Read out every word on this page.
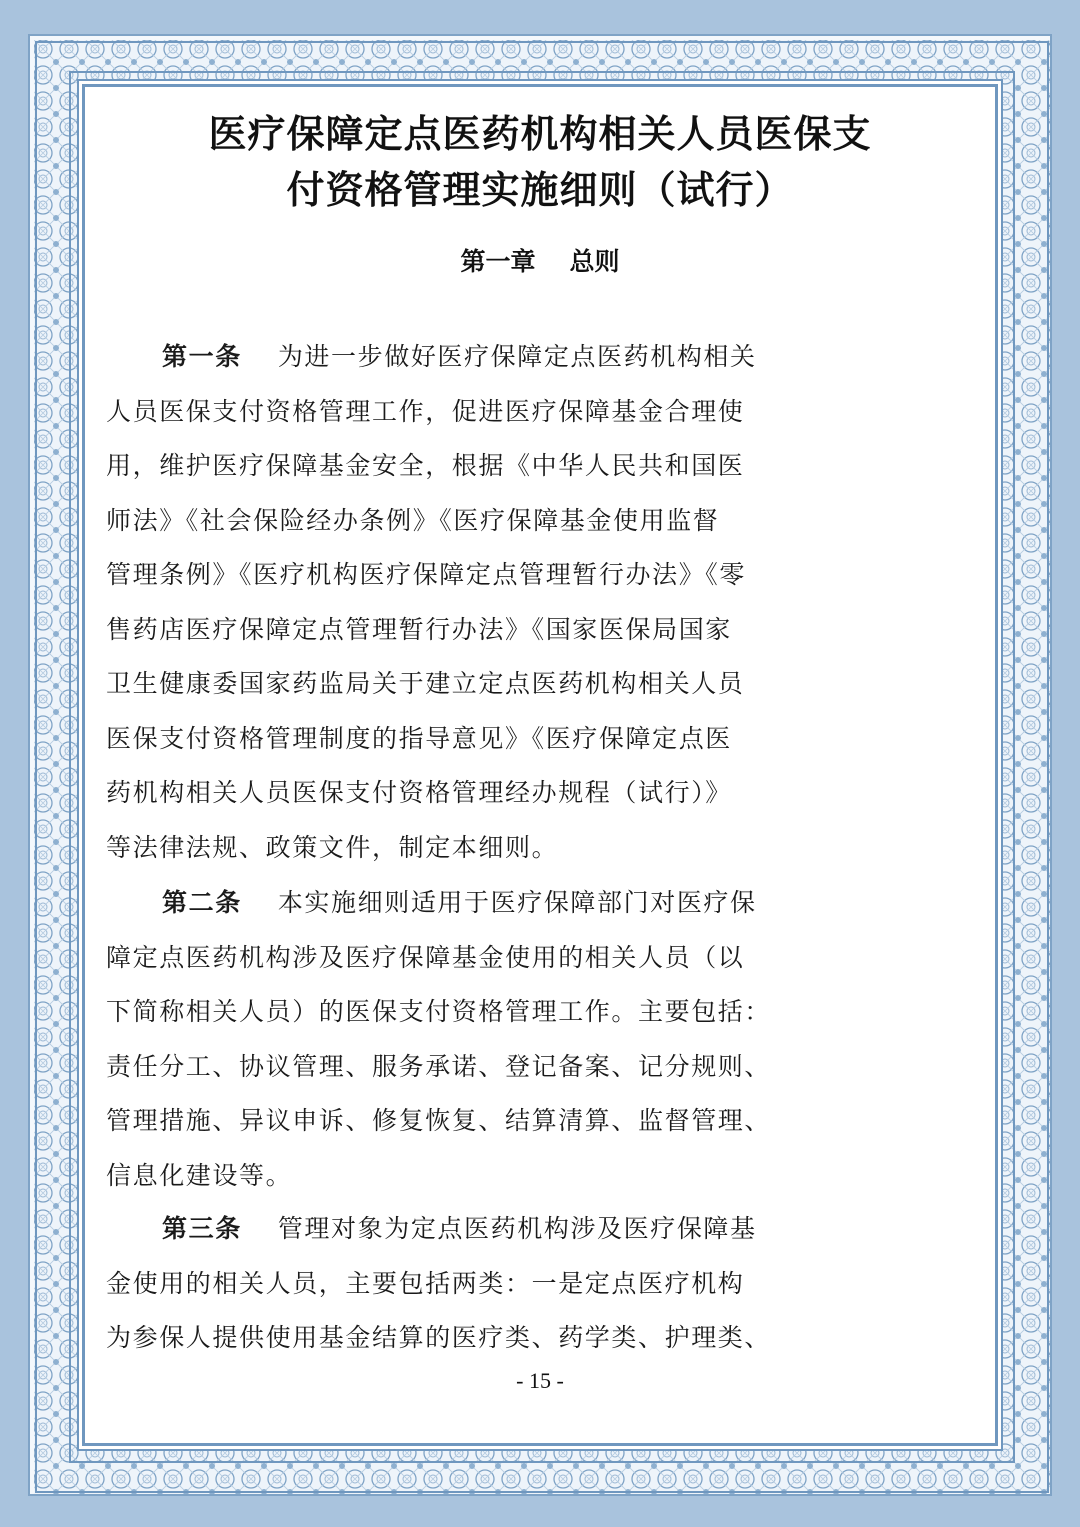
医疗保障定点医药机构相关人员医保支
付资格管理实施细则（试行）
第一章 总则
第一条 为进一步做好医疗保障定点医药机构相关
人员医保支付资格管理工作，促进医疗保障基金合理使
用，维护医疗保障基金安全，根据《中华人民共和国医
师法》《社会保险经办条例》《医疗保障基金使用监督
管理条例》《医疗机构医疗保障定点管理暂行办法》《零
售药店医疗保障定点管理暂行办法》《国家医保局国家
卫生健康委国家药监局关于建立定点医药机构相关人员
医保支付资格管理制度的指导意见》《医疗保障定点医
药机构相关人员医保支付资格管理经办规程（试行）》
等法律法规、政策文件，制定本细则。
第二条 本实施细则适用于医疗保障部门对医疗保
障定点医药机构涉及医疗保障基金使用的相关人员（以
下简称相关人员）的医保支付资格管理工作。主要包括：
责任分工、协议管理、服务承诺、登记备案、记分规则、
管理措施、异议申诉、修复恢复、结算清算、监督管理、
信息化建设等。
第三条 管理对象为定点医药机构涉及医疗保障基
金使用的相关人员，主要包括两类：一是定点医疗机构
为参保人提供使用基金结算的医疗类、药学类、护理类、
- 15 -
